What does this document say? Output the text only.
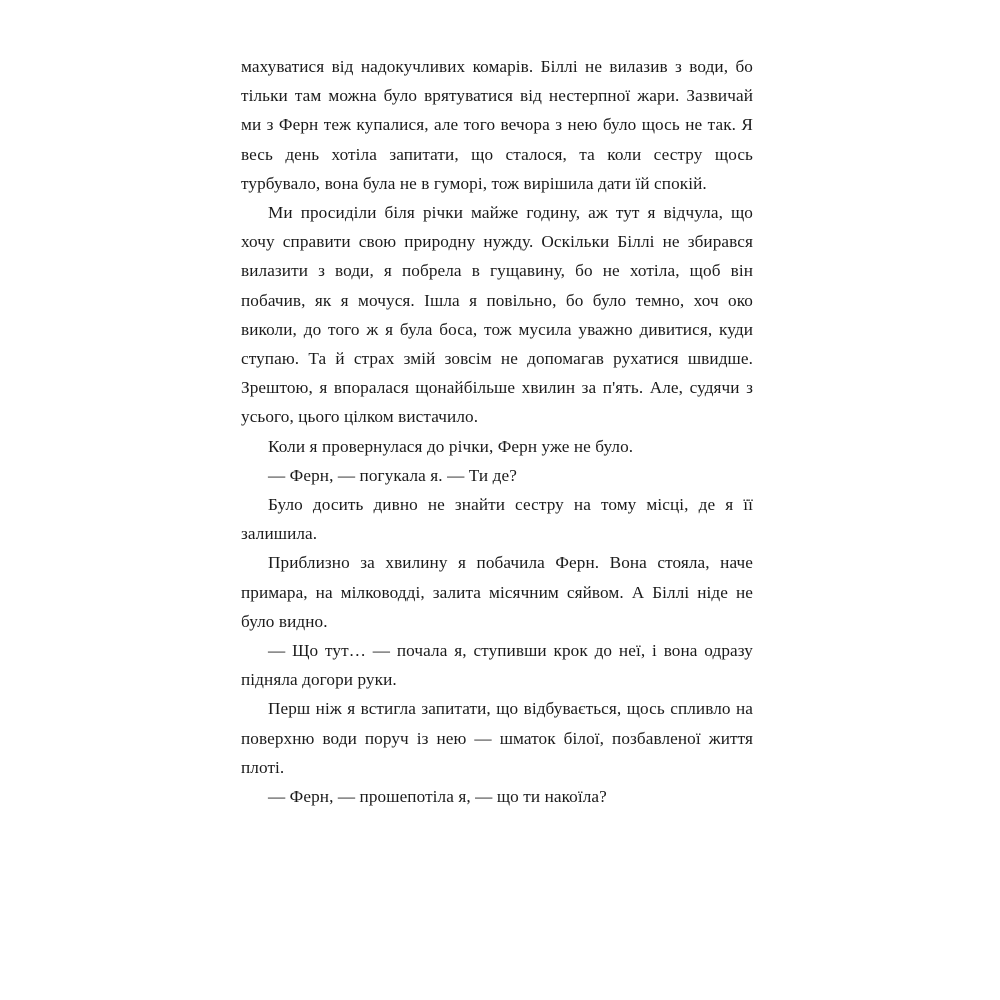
махуватися від надокучливих комарів. Біллі не вилазив з води, бо тільки там можна було врятуватися від нестерпної жари. Зазвичай ми з Ферн теж купалися, але того вечора з нею було щось не так. Я весь день хотіла запитати, що сталося, та коли сестру щось турбувало, вона була не в гуморі, тож вирішила дати їй спокій.

Ми просиділи біля річки майже годину, аж тут я відчула, що хочу справити свою природну нужду. Оскільки Біллі не збирався вилазити з води, я побрела в гущавину, бо не хотіла, щоб він побачив, як я мочуся. Ішла я повільно, бо було темно, хоч око виколи, до того ж я була боса, тож мусила уважно дивитися, куди ступаю. Та й страх змій зовсім не допомагав рухатися швидше. Зрештою, я впоралася щонайбільше хвилин за п'ять. Але, судячи з усього, цього цілком вистачило.

Коли я провернулася до річки, Ферн уже не було.

— Ферн, — погукала я. — Ти де?

Було досить дивно не знайти сестру на тому місці, де я її залишила.

Приблизно за хвилину я побачила Ферн. Вона стояла, наче примара, на мілководді, залита місячним сяйвом. А Біллі ніде не було видно.

— Що тут… — почала я, ступивши крок до неї, і вона одразу підняла догори руки.

Перш ніж я встигла запитати, що відбувається, щось спливло на поверхню води поруч із нею — шматок білої, позбавленої життя плоті.

— Ферн, — прошепотіла я, — що ти накоїла?
